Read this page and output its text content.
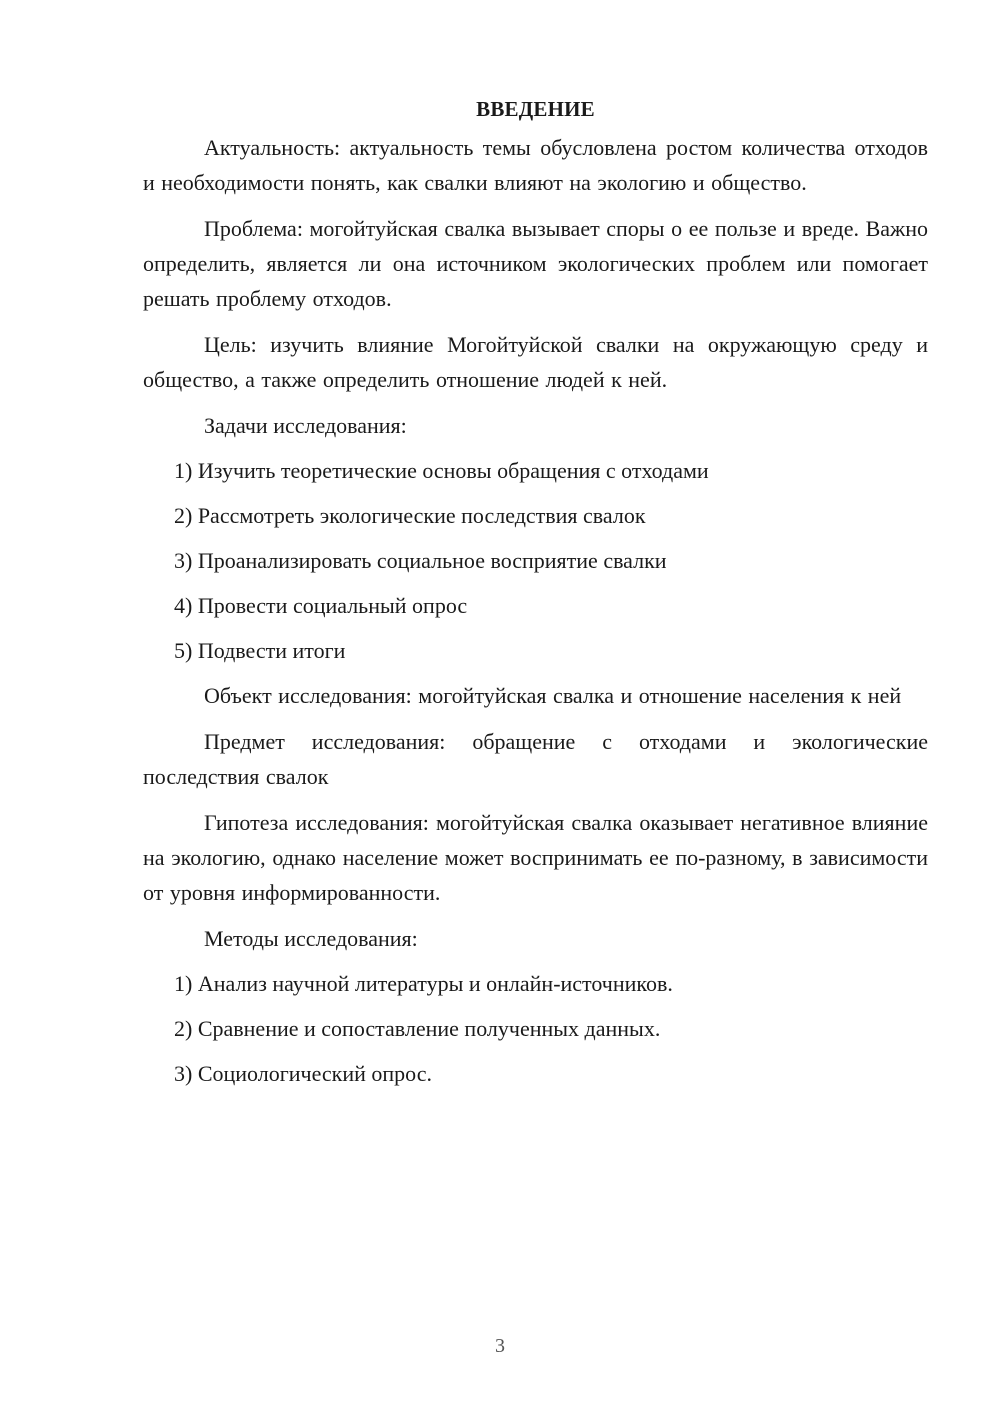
ВВЕДЕНИЕ

Актуальность: актуальность темы обусловлена ростом количества отходов и необходимости понять, как свалки влияют на экологию и общество.

Проблема: могойтуйская свалка вызывает споры о ее пользе и вреде. Важно определить, является ли она источником экологических проблем или помогает решать проблему отходов.

Цель: изучить влияние Могойтуйской свалки на окружающую среду и общество, а также определить отношение людей к ней.

Задачи исследования:

1) Изучить теоретические основы обращения с отходами

2) Рассмотреть экологические последствия свалок

3) Проанализировать социальное восприятие свалки

4) Провести социальный опрос

5) Подвести итоги

Объект исследования: могойтуйская свалка и отношение населения к ней

Предмет исследования: обращение с отходами и экологические последствия свалок

Гипотеза исследования: могойтуйская свалка оказывает негативное влияние на экологию, однако население может воспринимать ее по-разному, в зависимости от уровня информированности.

Методы исследования:

1) Анализ научной литературы и онлайн-источников.

2) Сравнение и сопоставление полученных данных.

3) Социологический опрос.

3
